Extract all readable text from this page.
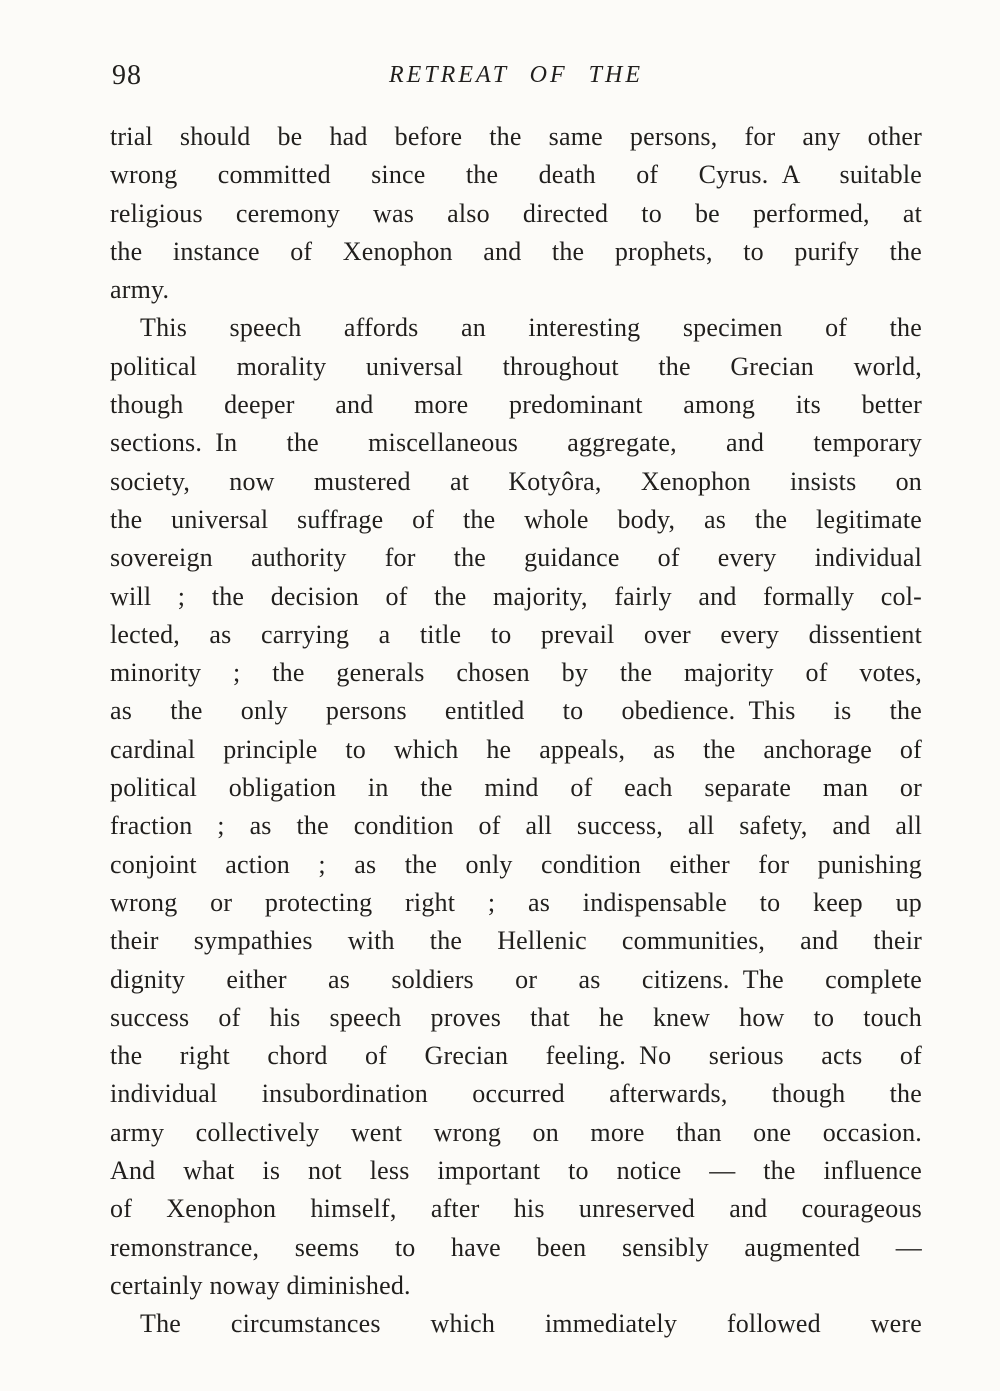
98	RETREAT OF THE
trial should be had before the same persons, for any other
wrong committed since the death of Cyrus. A suitable
religious ceremony was also directed to be performed, at
the instance of Xenophon and the prophets, to purify the
army.
This speech affords an interesting specimen of the
political morality universal throughout the Grecian world,
though deeper and more predominant among its better
sections. In the miscellaneous aggregate, and temporary
society, now mustered at Kotyôra, Xenophon insists on
the universal suffrage of the whole body, as the legitimate
sovereign authority for the guidance of every individual
will ; the decision of the majority, fairly and formally col-
lected, as carrying a title to prevail over every dissentient
minority ; the generals chosen by the majority of votes,
as the only persons entitled to obedience. This is the
cardinal principle to which he appeals, as the anchorage of
political obligation in the mind of each separate man or
fraction ; as the condition of all success, all safety, and all
conjoint action ; as the only condition either for punishing
wrong or protecting right ; as indispensable to keep up
their sympathies with the Hellenic communities, and their
dignity either as soldiers or as citizens. The complete
success of his speech proves that he knew how to touch
the right chord of Grecian feeling. No serious acts of
individual insubordination occurred afterwards, though the
army collectively went wrong on more than one occasion.
And what is not less important to notice — the influence
of Xenophon himself, after his unreserved and courageous
remonstrance, seems to have been sensibly augmented —
certainly noway diminished.
The circumstances which immediately followed were
